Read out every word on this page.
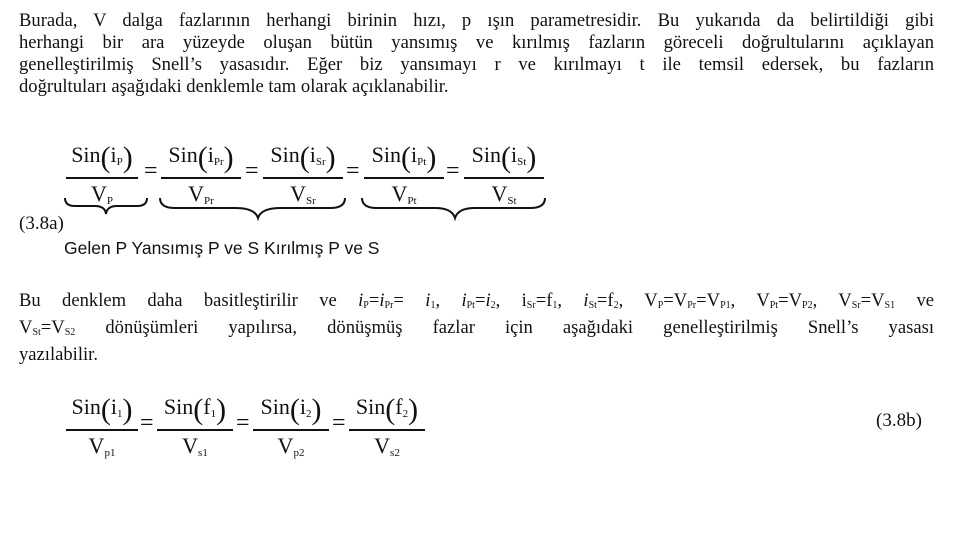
Burada, V dalga fazlarının herhangi birinin hızı, p ışın parametresidir. Bu yukarıda da belirtildiği gibi
herhangi bir ara yüzeyde oluşan bütün yansımış ve kırılmış fazların göreceli doğrultularını açıklayan
genelleştirilmiş Snell’s yasasıdır. Eğer biz yansımayı r ve kırılmayı t ile temsil edersek, bu fazların
doğrultuları aşağıdaki denklemle tam olarak açıklanabilir.
$Sin(i_P)$
$V_P$
=
$Sin(i_{Pr})$
$V_{Pr}$
=
$Sin(i_{Sr})$
$V_{Sr}$
=
$Sin(i_{Pt})$
$V_{Pt}$
=
$Sin(i_{St})$
$V_{St}$
(3.8a)
Gelen P Yansımış P ve S Kırılmış P ve S
Bu denklem daha basitleştirilir ve iP=iPr= i1, iPt=i2, iSr=f1, iSt=f2, VP=VPr=VP1, VPt=VP2, VSr=VS1 ve
VSt=VS2 dönüşümleri yapılırsa, dönüşmüş fazlar için aşağıdaki genelleştirilmiş Snell’s yasası
yazılabilir.
$Sin(i_1)$
$V_{p1}$
=
$Sin(f_1)$
$V_{s1}$
=
$Sin(i_2)$
$V_{p2}$
=
$Sin(f_2)$
$V_{s2}$
(3.8b)
